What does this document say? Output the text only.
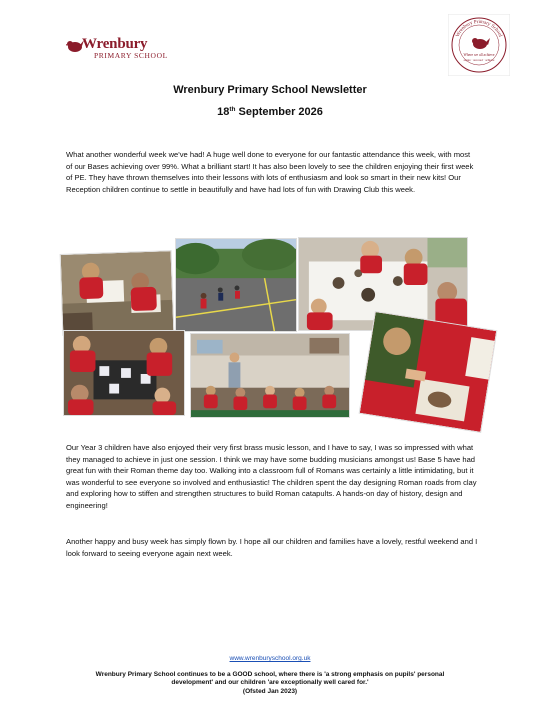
Wrenbury
PRIMARY SCHOOL
Wrenbury Primary School
Where we all achieve
aspire · succeed · achieve
Wrenbury Primary School Newsletter
18th September 2026
What another wonderful week we've had! A huge well done to everyone for our fantastic attendance this week, with most of our Bases achieving over 99%. What a brilliant start! It has also been lovely to see the children enjoying their first week of PE. They have thrown themselves into their lessons with lots of enthusiasm and look so smart in their new kits! Our Reception children continue to settle in beautifully and have had lots of fun with Drawing Club this week.
Our Year 3 children have also enjoyed their very first brass music lesson, and I have to say, I was so impressed with what they managed to achieve in just one session. I think we may have some budding musicians amongst us! Base 5 have had great fun with their Roman theme day too. Walking into a classroom full of Romans was certainly a little intimidating, but it was wonderful to see everyone so involved and enthusiastic! The children spent the day designing Roman roads from clay and exploring how to stiffen and strengthen structures to build Roman catapults. A hands-on day of history, design and engineering!
Another happy and busy week has simply flown by. I hope all our children and families have a lovely, restful weekend and I look forward to seeing everyone again next week.
www.wrenburyschool.org.uk
Wrenbury Primary School continues to be a GOOD school, where there is 'a strong emphasis on pupils' personal
development' and our children 'are exceptionally well cared for.'
(Ofsted Jan 2023)
